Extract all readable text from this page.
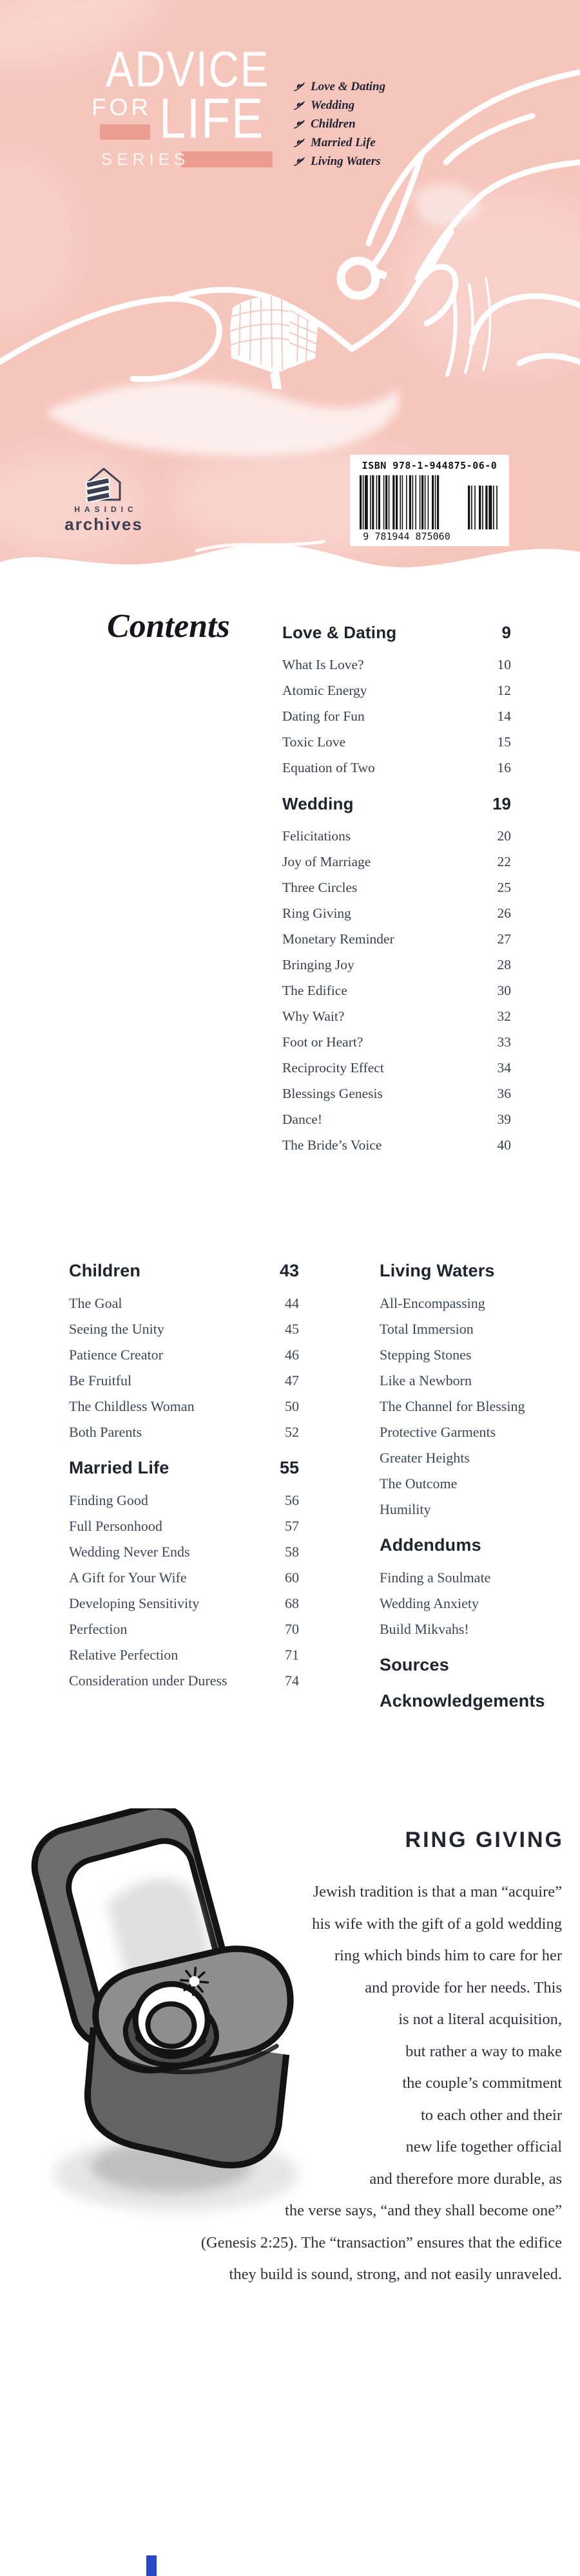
ADVICE
FOR LIFE
SERIES
Love & Dating
Wedding
Children
Married Life
Living Waters
HASIDIC
archives
ISBN 978-1-944875-06-0
9 781944 875060
Contents	Love & Dating	9
What Is Love?	10
Atomic Energy	12
Dating for Fun	14
Toxic Love	15
Equation of Two	16
Wedding	19
Felicitations	20
Joy of Marriage	22
Three Circles	25
Ring Giving	26
Monetary Reminder	27
Bringing Joy	28
The Edifice	30
Why Wait?	32
Foot or Heart?	33
Reciprocity Effect	34
Blessings Genesis	36
Dance!	39
The Bride’s Voice	40
Children	43
The Goal	44
Seeing the Unity	45
Patience Creator	46
Be Fruitful	47
The Childless Woman	50
Both Parents	52
Married Life	55
Finding Good	56
Full Personhood	57
Wedding Never Ends	58
A Gift for Your Wife	60
Developing Sensitivity	68
Perfection	70
Relative Perfection	71
Consideration under Duress	74
Living Waters
All-Encompassing
Total Immersion
Stepping Stones
Like a Newborn
The Channel for Blessing
Protective Garments
Greater Heights
The Outcome
Humility
Addendums
Finding a Soulmate
Wedding Anxiety
Build Mikvahs!
Sources
Acknowledgements
RING GIVING
Jewish tradition is that a man “acquire”
his wife with the gift of a gold wedding
ring which binds him to care for her
and provide for her needs. This
is not a literal acquisition,
but rather a way to make
the couple’s commitment
to each other and their
new life together official
and therefore more durable, as
the verse says, “and they shall become one”
(Genesis 2:25). The “transaction” ensures that the edifice
they build is sound, strong, and not easily unraveled.
